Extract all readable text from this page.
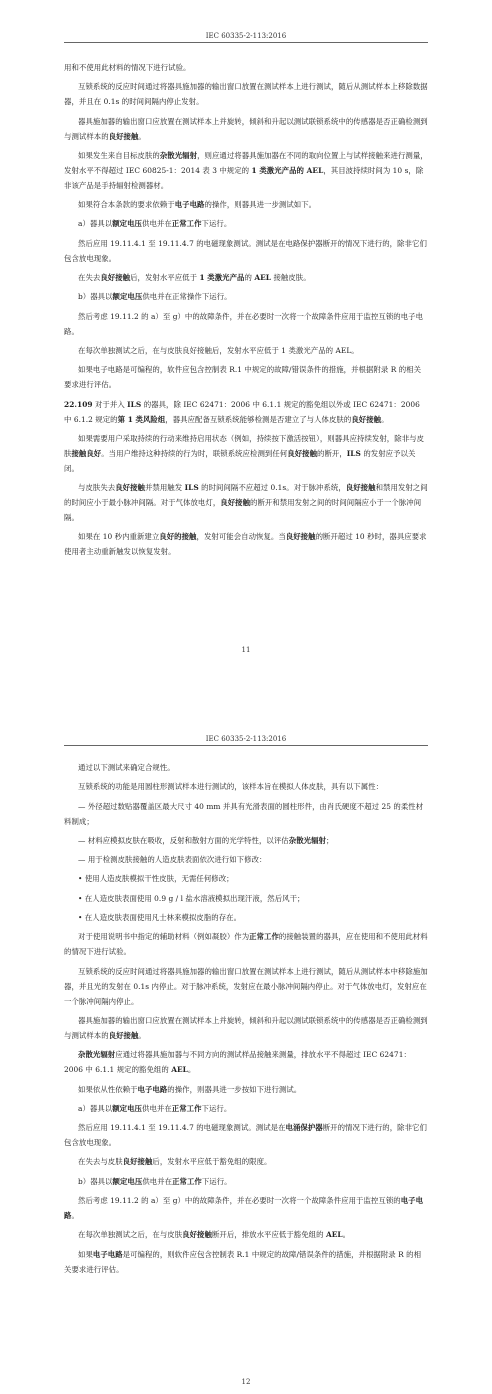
IEC 60335-2-113:2016

用和不使用此材料的情况下进行试验。

互锁系统的反应时间通过将器具施加器的输出窗口放置在测试样本上进行测试，随后从测试样本上移除数据器，并且在 0.1s 的时间间隔内停止发射。

器具施加器的输出窗口应放置在测试样本上并旋转，倾斜和升起以测试联锁系统中的传感器是否正确检测到与测试样本的良好接触。

如果发生来自目标皮肤的杂散光辐射，则应通过将器具施加器在不同的取向位置上与试样接触来进行测量，发射水平不得超过 IEC 60825-1：2014 表 3 中规定的 1 类激光产品的 AEL，其目波持续时间为 10 s，除非该产品是手持辐射检测器材。

如果符合本条款的要求依赖于电子电路的操作，则器具进一步测试如下。

a）器具以额定电压供电并在正常工作下运行。

然后应用 19.11.4.1 至 19.11.4.7 的电磁现象测试。测试是在电路保护器断开的情况下进行的，除非它们包含放电现象。

在失去良好接触后，发射水平应低于 1 类激光产品的 AEL 接触皮肤。

b）器具以额定电压供电并在正常操作下运行。

然后考虑 19.11.2 的 a）至 g）中的故障条件，并在必要时一次将一个故障条件应用于监控互锁的电子电路。

在每次单独测试之后，在与皮肤良好接触后，发射水平应低于 1 类激光产品的 AEL。

如果电子电路是可编程的，软件应包含控制表 R.1 中规定的故障/错误条件的措施，并根据附录 R 的相关要求进行评估。

22.109 对于并入 ILS 的器具，除 IEC 62471：2006 中 6.1.1 规定的豁免组以外或 IEC 62471：2006 中 6.1.2 规定的第 1 类风险组，器具应配备互锁系统能够检测是否建立了与人体皮肤的良好接触。

如果需要用户采取持续的行动来维持启用状态（例如，持续按下激活按钮），则器具应持续发射，除非与皮肤接触良好。当用户维持这种持续的行为时，联锁系统应检测到任何良好接触的断开，ILS 的发射应予以关闭。

与皮肤失去良好接触并禁用触发 ILS 的时间间隔不应超过 0.1s。对于脉冲系统，良好接触和禁用发射之间的时间应小于最小脉冲间隔。对于气体放电灯，良好接触的断开和禁用发射之间的时间间隔应小于一个脉冲间隔。

如果在 10 秒内重新建立良好的接触，发射可能会自动恢复。当良好接触的断开超过 10 秒时，器具应要求使用者主动重新触发以恢复发射。

11
IEC 60335-2-113:2016

通过以下测试来确定合规性。

互锁系统的功能是用圆柱形测试样本进行测试的，该样本旨在模拟人体皮肤，具有以下属性：

— 外径超过数贴器覆盖区最大尺寸 40 mm 并具有光滑表面的圆柱形件，由肖氏硬度不超过 25 的柔性材料制成；

— 材料应模拟皮肤在吸收，反射和散射方面的光学特性，以评估杂散光辐射；

— 用于检测皮肤接触的人造皮肤表面依次进行如下修改：

• 使用人造皮肤模拟干性皮肤，无需任何修改；

• 在人造皮肤表面使用 0.9 g / l 盐水溶液模拟出现汗液，然后风干；

• 在人造皮肤表面使用凡士林来模拟皮脂的存在。

对于使用说明书中指定的辅助材料（例如凝胶）作为正常工作的接触装置的器具，应在使用和不使用此材料的情况下进行试验。

互锁系统的反应时间通过将器具施加器的输出窗口放置在测试样本上进行测试，随后从测试样本中移除施加器，并且光的发射在 0.1s 内停止。对于脉冲系统，发射应在最小脉冲间隔内停止。对于气体放电灯，发射应在一个脉冲间隔内停止。

器具施加器的输出窗口应放置在测试样本上并旋转，倾斜和升起以测试联锁系统中的传感器是否正确检测到与测试样本的良好接触。

杂散光辐射应通过将器具施加器与不同方向的测试样品接触来测量，排放水平不得超过 IEC 62471：2006 中 6.1.1 规定的豁免组的 AEL。

如果依从性依赖于电子电路的操作，则器具进一步按如下进行测试。

a）器具以额定电压供电并在正常工作下运行。

然后应用 19.11.4.1 至 19.11.4.7 的电磁现象测试。测试是在电涌保护器断开的情况下进行的，除非它们包含放电现象。

在失去与皮肤良好接触后，发射水平应低于豁免组的限度。

b）器具以额定电压供电并在正常工作下运行。

然后考虑 19.11.2 的 a）至 g）中的故障条件，并在必要时一次将一个故障条件应用于监控互锁的电子电路。

在每次单独测试之后，在与皮肤良好接触断开后，排放水平应低于豁免组的 AEL。

如果电子电路是可编程的，则软件应包含控制表 R.1 中规定的故障/错误条件的措施，并根据附录 R 的相关要求进行评估。

12
